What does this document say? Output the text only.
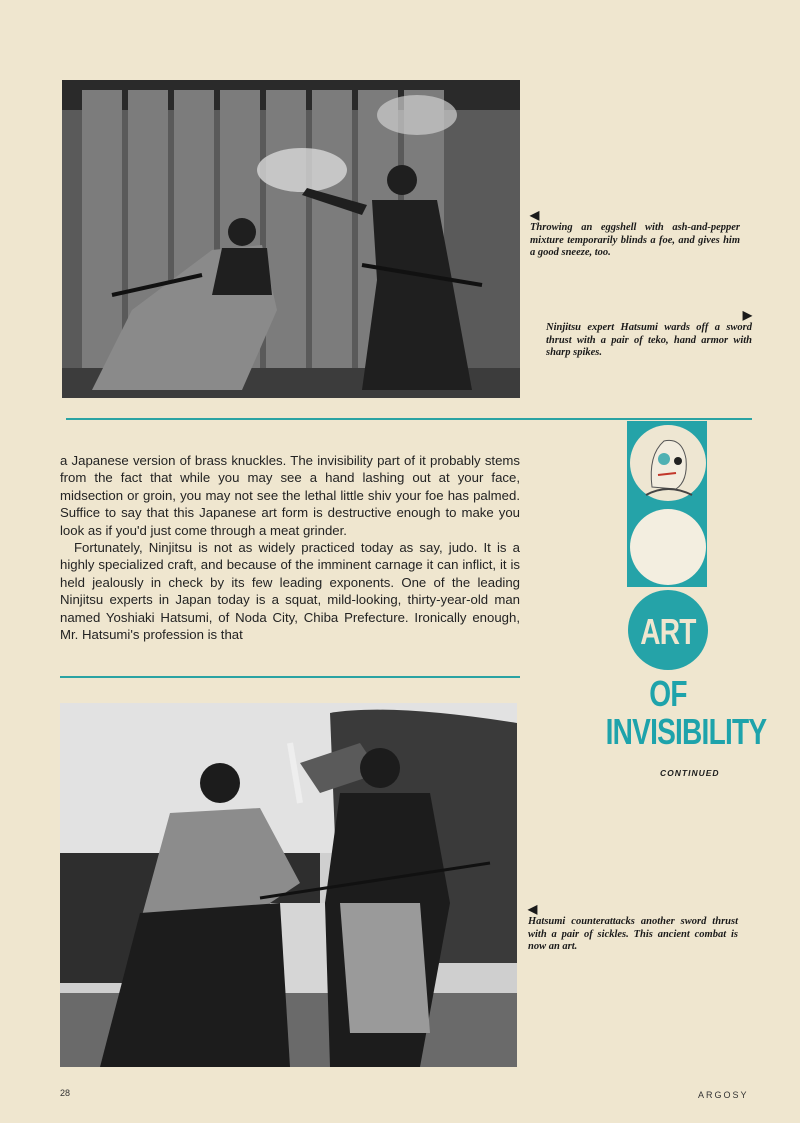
◀

Throwing an eggshell with ash-and-pepper mixture temporarily blinds a foe, and gives him a good sneeze, too.

▶

Ninjitsu expert Hatsumi wards off a sword thrust with a pair of teko, hand armor with sharp spikes.

a Japanese version of brass knuckles. The invisibility part of it probably stems from the fact that while you may see a hand lashing out at your face, midsection or groin, you may not see the lethal little shiv your foe has palmed. Suffice to say that this Japanese art form is destructive enough to make you look as if you'd just come through a meat grinder.

Fortunately, Ninjitsu is not as widely practiced today as say, judo. It is a highly specialized craft, and because of the imminent carnage it can inflict, it is held jealously in check by its few leading exponents. One of the leading Ninjitsu experts in Japan today is a squat, mild-looking, thirty-year-old man named Yoshiaki Hatsumi, of Noda City, Chiba Prefecture. Ironically enough, Mr. Hatsumi's profession is that	ART
OF
INVISIBILITY
CONTINUED
◀

Hatsumi counterattacks another sword thrust with a pair of sickles. This ancient combat is now an art.

28	ARGOSY
